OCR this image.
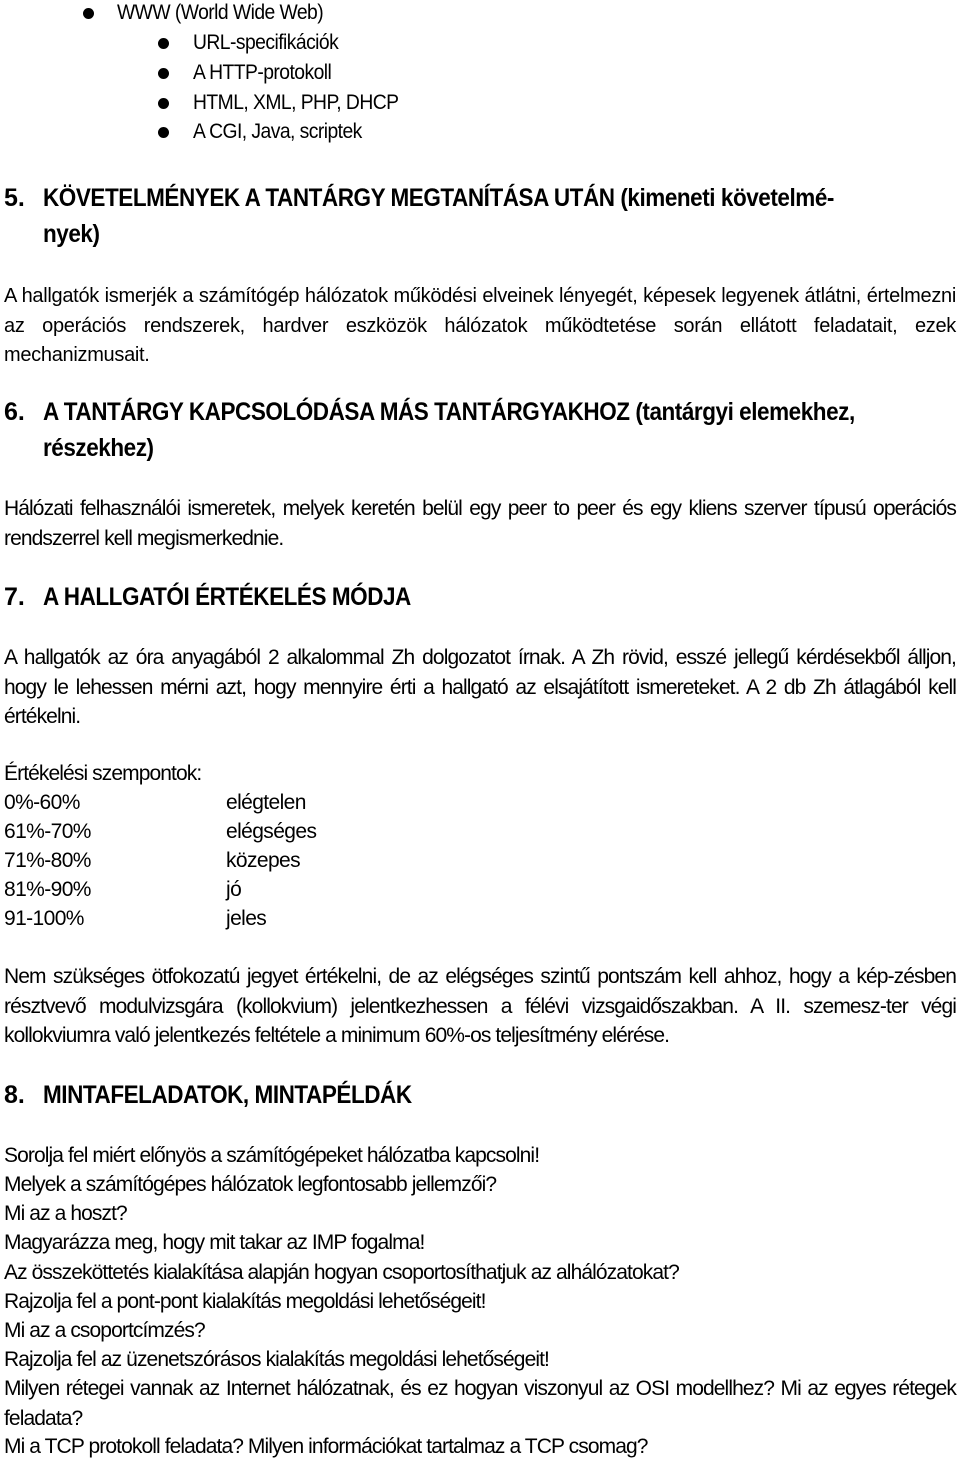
WWW (World Wide Web)
URL-specifikációk
A HTTP-protokoll
HTML, XML, PHP, DHCP
A CGI, Java, scriptek
5. KÖVETELMÉNYEK A TANTÁRGY MEGTANÍTÁSA UTÁN (kimeneti követelmé-
nyek)
A hallgatók ismerjék a számítógép hálózatok működési elveinek lényegét, képesek legyenek átlátni, értelmezni az operációs rendszerek, hardver eszközök hálózatok működtetése során ellátott feladatait, ezek mechanizmusait.
6. A TANTÁRGY KAPCSOLÓDÁSA MÁS TANTÁRGYAKHOZ (tantárgyi elemekhez,
részekhez)
Hálózati felhasználói ismeretek, melyek keretén belül egy peer to peer és egy kliens szerver típusú operációs rendszerrel kell megismerkednie.
7. A HALLGATÓI ÉRTÉKELÉS MÓDJA
A hallgatók az óra anyagából 2 alkalommal Zh dolgozatot írnak. A Zh rövid, esszé jellegű kérdésekből álljon, hogy le lehessen mérni azt, hogy mennyire érti a hallgató az elsajátított ismereteket. A 2 db Zh átlagából kell értékelni.
Értékelési szempontok:
0%-60%	elégtelen
61%-70%	elégséges
71%-80%	közepes
81%-90%	jó
91-100%	jeles
Nem szükséges ötfokozatú jegyet értékelni, de az elégséges szintű pontszám kell ahhoz, hogy a kép-zésben résztvevő modulvizsgára (kollokvium) jelentkezhessen a félévi vizsgaidőszakban. A II. szemesz-ter végi kollokviumra való jelentkezés feltétele a minimum 60%-os teljesítmény elérése.
8. MINTAFELADATOK, MINTAPÉLDÁK
Sorolja fel miért előnyös a számítógépeket hálózatba kapcsolni!
Melyek a számítógépes hálózatok legfontosabb jellemzői?
Mi az a hoszt?
Magyarázza meg, hogy mit takar az IMP fogalma!
Az összeköttetés kialakítása alapján hogyan csoportosíthatjuk az alhálózatokat?
Rajzolja fel a pont-pont kialakítás megoldási lehetőségeit!
Mi az a csoportcímzés?
Rajzolja fel az üzenetszórásos kialakítás megoldási lehetőségeit!
Milyen rétegei vannak az Internet hálózatnak, és ez hogyan viszonyul az OSI modellhez? Mi az egyes rétegek feladata?
Mi a TCP protokoll feladata? Milyen információkat tartalmaz a TCP csomag?
